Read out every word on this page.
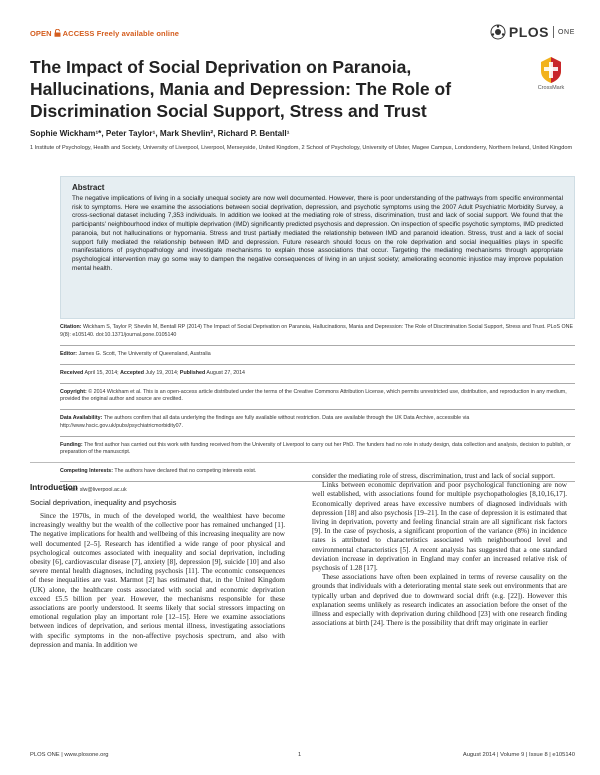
OPEN ACCESS Freely available online	PLOS ONE
The Impact of Social Deprivation on Paranoia, Hallucinations, Mania and Depression: The Role of Discrimination Social Support, Stress and Trust
CrossMark
Sophie Wickham¹*, Peter Taylor¹, Mark Shevlin², Richard P. Bentall¹
1 Institute of Psychology, Health and Society, University of Liverpool, Liverpool, Merseyside, United Kingdom, 2 School of Psychology, University of Ulster, Magee Campus, Londonderry, Northern Ireland, United Kingdom
Abstract

The negative implications of living in a socially unequal society are now well documented. However, there is poor understanding of the pathways from specific environmental risk to symptoms. Here we examine the associations between social deprivation, depression, and psychotic symptoms using the 2007 Adult Psychiatric Morbidity Survey, a cross-sectional dataset including 7,353 individuals. In addition we looked at the mediating role of stress, discrimination, trust and lack of social support. We found that the participants' neighbourhood index of multiple deprivation (IMD) significantly predicted psychosis and depression. On inspection of specific psychotic symptoms, IMD predicted paranoia, but not hallucinations or hypomania. Stress and trust partially mediated the relationship between IMD and paranoid ideation. Stress, trust and a lack of social support fully mediated the relationship between IMD and depression. Future research should focus on the role deprivation and social inequalities plays in specific manifestations of psychopathology and investigate mechanisms to explain those associations that occur. Targeting the mediating mechanisms through appropriate psychological intervention may go some way to dampen the negative consequences of living in an unjust society; ameliorating economic injustice may improve population mental health.

Citation: Wickham S, Taylor P, Shevlin M, Bentall RP (2014) The Impact of Social Deprivation on Paranoia, Hallucinations, Mania and Depression: The Role of Discrimination Social Support, Stress and Trust. PLoS ONE 9(8): e105140. doi:10.1371/journal.pone.0105140
Editor: James G. Scott, The University of Queensland, Australia
Received April 15, 2014; Accepted July 19, 2014; Published August 27, 2014
Copyright: © 2014 Wickham et al. This is an open-access article distributed under the terms of the Creative Commons Attribution License, which permits unrestricted use, distribution, and reproduction in any medium, provided the original author and source are credited.
Data Availability: The authors confirm that all data underlying the findings are fully available without restriction. Data are available through the UK Data Archive, accessible via http://www.hscic.gov.uk/pubs/psychiatricmorbidity07.
Funding: The first author has carried out this work with funding received from the University of Liverpool to carry out her PhD. The funders had no role in study design, data collection and analysis, decision to publish, or preparation of the manuscript.
Competing Interests: The authors have declared that no competing interests exist.
* Email: slw@liverpool.ac.uk
Introduction
Social deprivation, inequality and psychosis

Since the 1970s, in much of the developed world, the wealthiest have become increasingly wealthy but the wealth of the collective poor has remained unchanged [1]. The negative implications for health and wellbeing of this increasing inequality are now well documented [2–5]. Research has identified a wide range of poor physical and psychological outcomes associated with inequality and social deprivation, including obesity [6], cardiovascular disease [7], anxiety [8], depression [9], suicide [10] and also severe mental health diagnoses, including psychosis [11]. The economic consequences of these inequalities are vast. Marmot [2] has estimated that, in the United Kingdom (UK) alone, the healthcare costs associated with social and economic deprivation exceed £5.5 billion per year. However, the mechanisms responsible for these associations are poorly understood. It seems likely that social stressors impacting on emotional regulation play an important role [12–15]. Here we examine associations between indices of deprivation, and serious mental illness, investigating associations with specific symptoms in the non-affective psychosis spectrum, and also with depression and mania. In addition we

consider the mediating role of stress, discrimination, trust and lack of social support.

Links between economic deprivation and poor psychological functioning are now well established, with associations found for multiple psychopathologies [8,10,16,17]. Economically deprived areas have excessive numbers of diagnosed individuals with depression [18] and also psychosis [19–21]. In the case of depression it is estimated that living in deprivation, poverty and feeling financial strain are all significant risk factors [9]. In the case of psychosis, a significant proportion of the variance (8%) in incidence rates is attributed to characteristics associated with neighbourhood level and environmental characteristics [5]. A recent analysis has suggested that a one standard deviation increase in deprivation in England may confer an increased relative risk of psychosis of 1.28 [17].

These associations have often been explained in terms of reverse causality on the grounds that individuals with a deteriorating mental state seek out environments that are typically urban and deprived due to downward social drift (e.g. [22]). However this explanation seems unlikely as research indicates an association before the onset of the illness and especially with deprivation during childhood [23] with one research finding associations at birth [24]. There is the possibility that drift may originate in earlier

PLOS ONE | www.plosone.org	1	August 2014 | Volume 9 | Issue 8 | e105140
